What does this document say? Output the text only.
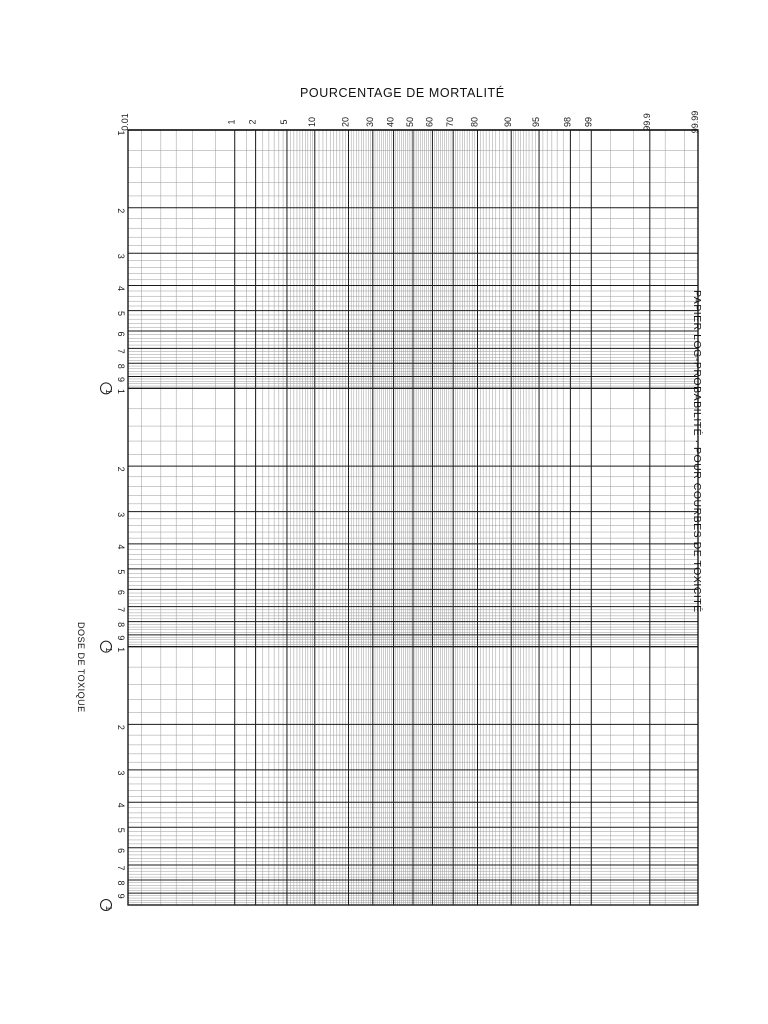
POURCENTAGE DE MORTALITÉ
0.01	1 2 5 10	20 30 40 50 60 70 80	90 95 98 99	99.9	99.99
1
2
3
4
5
6
7
8
9
1
2
3
4
5
6
7
8
9
1
2
3
4
5
6
7
8
9
1
1
1
PAPIER LOG-PROBABILITÉ · POUR COURBES DE TOXICITÉ
DOSE DE TOXIQUE
